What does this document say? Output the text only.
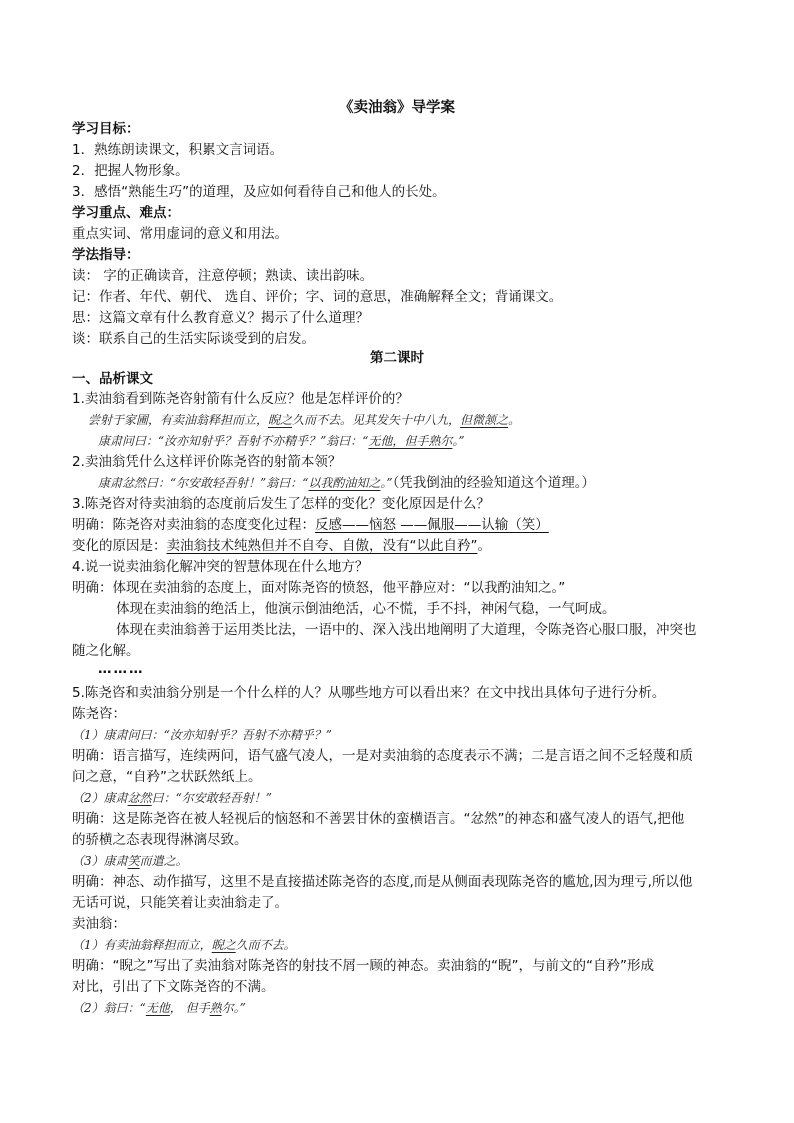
《卖油翁》导学案
学习目标：
1．熟练朗读课文，积累文言词语。
2．把握人物形象。
3．感悟“熟能生巧”的道理，及应如何看待自己和他人的长处。
学习重点、难点：
重点实词、常用虚词的意义和用法。
学法指导：
读： 字的正确读音，注意停顿；熟读、读出韵味。
记：作者、年代、朝代、 选自、评价；字、词的意思，准确解释全文；背诵课文。
思：这篇文章有什么教育意义？揭示了什么道理？
谈：联系自己的生活实际谈受到的启发。
第二课时
一、品析课文
1.卖油翁看到陈尧咨射箭有什么反应？他是怎样评价的？
尝射于家圃，有卖油翁释担而立，睨之久而不去。见其发矢十中八九，但微颔之。
康肃问曰：“汝亦知射乎？吾射不亦精乎？”翁曰：“无他，但手熟尔。”
2.卖油翁凭什么这样评价陈尧咨的射箭本领？
康肃忿然曰：“尔安敢轻吾射！”翁曰：“以我酌油知之。”（凭我倒油的经验知道这个道理。）
3.陈尧咨对待卖油翁的态度前后发生了怎样的变化？变化原因是什么？
明确：陈尧咨对卖油翁的态度变化过程：反感——恼怒 ——佩服——认输（笑）
变化的原因是：卖油翁技术纯熟但并不自夸、自傲，没有“以此自矜”。
4.说一说卖油翁化解冲突的智慧体现在什么地方？
明确：体现在卖油翁的态度上，面对陈尧咨的愤怒，他平静应对：“以我酌油知之。”
体现在卖油翁的绝活上，他演示倒油绝活，心不慌，手不抖，神闲气稳，一气呵成。
体现在卖油翁善于运用类比法，一语中的、深入浅出地阐明了大道理，令陈尧咨心服口服，冲突也
随之化解。
………
5.陈尧咨和卖油翁分别是一个什么样的人？从哪些地方可以看出来？在文中找出具体句子进行分析。
陈尧咨：
（1）康肃问曰：“汝亦知射乎？吾射不亦精乎？”
明确：语言描写，连续两问，语气盛气凌人，一是对卖油翁的态度表示不满；二是言语之间不乏轻蔑和质
问之意，“自矜”之状跃然纸上。
（2）康肃忿然曰：“尔安敢轻吾射！”
明确：这是陈尧咨在被人轻视后的恼怒和不善罢甘休的蛮横语言。“忿然”的神态和盛气凌人的语气,把他
的骄横之态表现得淋漓尽致。
（3）康肃笑而遣之。
明确：神态、动作描写，这里不是直接描述陈尧咨的态度,而是从侧面表现陈尧咨的尴尬,因为理亏,所以他
无话可说，只能笑着让卖油翁走了。
卖油翁：
（1）有卖油翁释担而立，睨之久而不去。
明确：“睨之”写出了卖油翁对陈尧咨的射技不屑一顾的神态。卖油翁的“睨”，与前文的“自矜”形成
对比，引出了下文陈尧咨的不满。
（2）翁曰：“无他， 但手熟尔。”
